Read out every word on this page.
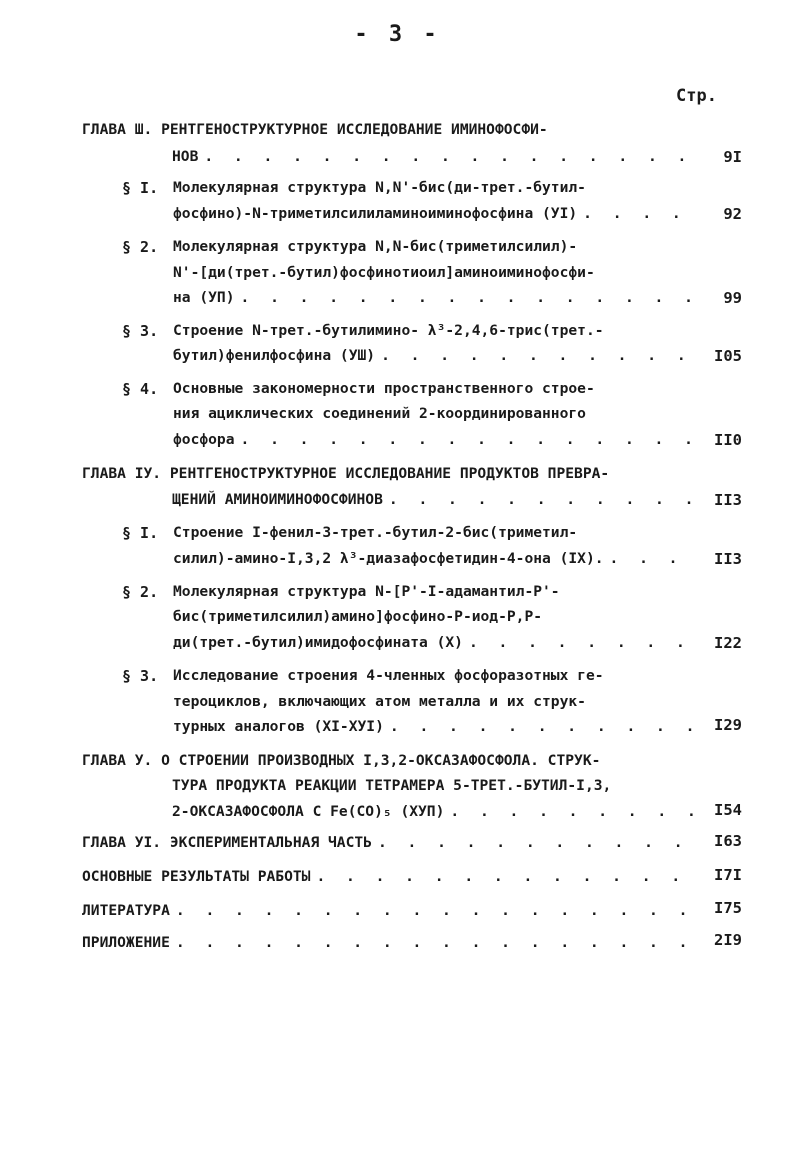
- 3 -
Стр.
ГЛАВА Ш. РЕНТГЕНОСТРУКТУРНОЕ ИССЛЕДОВАНИЕ ИМИНОФОСФИ-
НОВ . . .	9I
§ I. Молекулярная структура N,N'-бис(ди-трет.-бутил-
фосфино)-N-триметилсилиламиноиминофосфина (УI) . . .	92
§ 2. Молекулярная структура N,N-бис(триметилсилил)-
N'-[ди(трет.-бутил)фосфинотиоил]аминоиминофосфи-
на (УП) . . .	99
§ 3. Строение N-трет.-бутилимино- λ³-2,4,6-трис(трет.-
бутил)фенилфосфина (УШ) . . .	I05
§ 4. Основные закономерности пространственного строе-
ния ациклических соединений 2-координированного
фосфора . . .	II0
ГЛАВА IУ. РЕНТГЕНОСТРУКТУРНОЕ ИССЛЕДОВАНИЕ ПРОДУКТОВ ПРЕВРА-
ЩЕНИЙ АМИНОИМИНОФОСФИНОВ . . .	II3
§ I. Строение I-фенил-3-трет.-бутил-2-бис(триметил-
силил)-амино-I,3,2 λ³-диазафосфетидин-4-она (IX). . . .	II3
§ 2. Молекулярная структура N-[P'-I-адамантил-P'-
бис(триметилсилил)амино]фосфино-P-иод-P,P-
ди(трет.-бутил)имидофосфината (Х) . . .	I22
§ 3. Исследование строения 4-членных фосфоразотных ге-
тероциклов, включающих атом металла и их струк-
турных аналогов (XI-ХУI) . . .	I29
ГЛАВА У. О СТРОЕНИИ ПРОИЗВОДНЫХ I,3,2-ОКСАЗАФОСФОЛА. СТРУК-
ТУРА ПРОДУКТА РЕАКЦИИ ТЕТРАМЕРА 5-ТРЕТ.-БУТИЛ-I,3,
2-ОКСАЗАФОСФОЛА С Fe(CO)₅ (ХУП) . . .	I54
ГЛАВА УI. ЭКСПЕРИМЕНТАЛЬНАЯ ЧАСТЬ . . .	I63
ОСНОВНЫЕ РЕЗУЛЬТАТЫ РАБОТЫ . . .	I7I
ЛИТЕРАТУРА . . .	I75
ПРИЛОЖЕНИЕ . . .	2I9
